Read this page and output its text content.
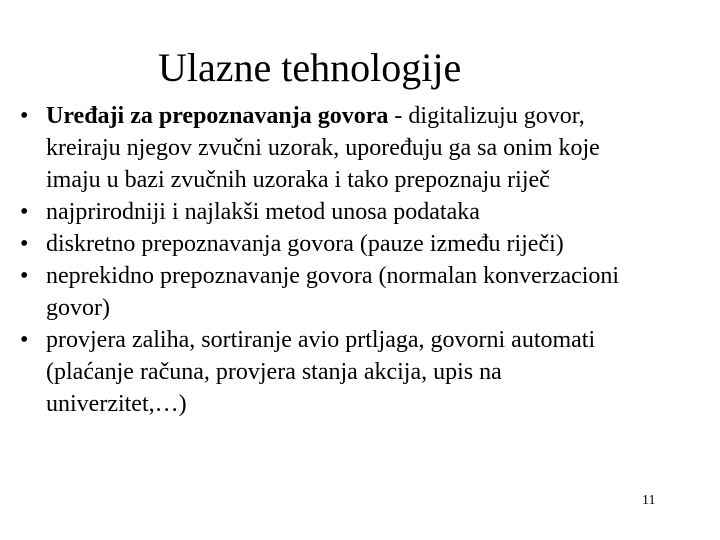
Ulazne tehnologije
• Uređaji za prepoznavanja govora - digitalizuju govor, kreiraju njegov zvučni uzorak, upoređuju ga sa onim koje imaju u bazi zvučnih uzoraka i tako prepoznaju riječ
• najprirodniji i najlakši metod unosa podataka
• diskretno prepoznavanja govora (pauze između riječi)
• neprekidno prepoznavanje govora (normalan konverzacioni govor)
• provjera zaliha, sortiranje avio prtljaga, govorni automati (plaćanje računa, provjera stanja akcija, upis na univerzitet,…)
11
